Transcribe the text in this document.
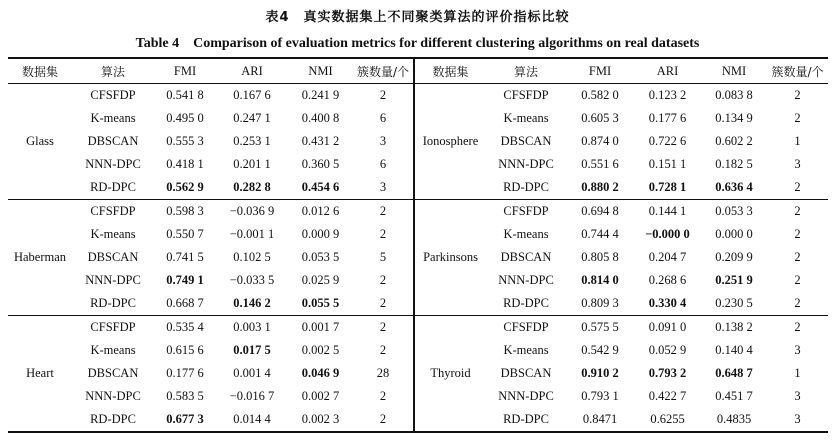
表4　真实数据集上不同聚类算法的评价指标比较
Table 4　Comparison of evaluation metrics for different clustering algorithms on real datasets
数据集	算法	FMI	ARI	NMI	簇数量/个	数据集	算法	FMI	ARI	NMI	簇数量/个
Glass	CFSFDP	0.541 8	0.167 6	0.241 9	2	Ionosphere	CFSFDP	0.582 0	0.123 2	0.083 8	2
	K-means	0.495 0	0.247 1	0.400 8	6		K-means	0.605 3	0.177 6	0.134 9	2
	DBSCAN	0.555 3	0.253 1	0.431 2	3		DBSCAN	0.874 0	0.722 6	0.602 2	1
	NNN-DPC	0.418 1	0.201 1	0.360 5	6		NNN-DPC	0.551 6	0.151 1	0.182 5	3
	RD-DPC	0.562 9	0.282 8	0.454 6	3		RD-DPC	0.880 2	0.728 1	0.636 4	2
Haberman	CFSFDP	0.598 3	−0.036 9	0.012 6	2	Parkinsons	CFSFDP	0.694 8	0.144 1	0.053 3	2
	K-means	0.550 7	−0.001 1	0.000 9	2		K-means	0.744 4	−0.000 0	0.000 0	2
	DBSCAN	0.741 5	0.102 5	0.053 5	5		DBSCAN	0.805 8	0.204 7	0.209 9	2
	NNN-DPC	0.749 1	−0.033 5	0.025 9	2		NNN-DPC	0.814 0	0.268 6	0.251 9	2
	RD-DPC	0.668 7	0.146 2	0.055 5	2		RD-DPC	0.809 3	0.330 4	0.230 5	2
Heart	CFSFDP	0.535 4	0.003 1	0.001 7	2	Thyroid	CFSFDP	0.575 5	0.091 0	0.138 2	2
	K-means	0.615 6	0.017 5	0.002 5	2		K-means	0.542 9	0.052 9	0.140 4	3
	DBSCAN	0.177 6	0.001 4	0.046 9	28		DBSCAN	0.910 2	0.793 2	0.648 7	1
	NNN-DPC	0.583 5	−0.016 7	0.002 7	2		NNN-DPC	0.793 1	0.422 7	0.451 7	3
	RD-DPC	0.677 3	0.014 4	0.002 3	2		RD-DPC	0.8471	0.6255	0.4835	3
